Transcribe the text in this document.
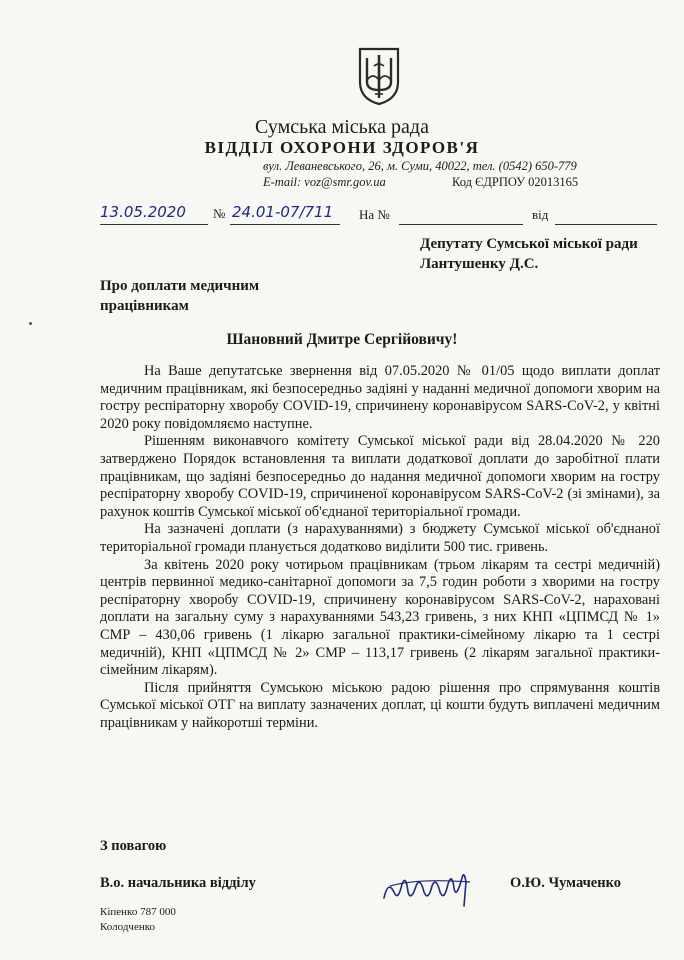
Сумська міська рада
ВІДДІЛ ОХОРОНИ ЗДОРОВ'Я
вул. Леваневського, 26, м. Суми, 40022, тел. (0542) 650-779
E-mail: voz@smr.gov.ua	Код ЄДРПОУ 02013165
13.05.2020 № 24.01-07/711 На №	від
Депутату Сумської міської ради
Лантушенку Д.С.
Про доплати медичним
працівникам
Шановний Дмитре Сергійовичу!

На Ваше депутатське звернення від 07.05.2020 № 01/05 щодо виплати доплат медичним працівникам, які безпосередньо задіяні у наданні медичної допомоги хворим на гостру респіраторну хворобу COVID-19, спричинену коронавірусом SARS-CoV-2, у квітні 2020 року повідомляємо наступне.

Рішенням виконавчого комітету Сумської міської ради від 28.04.2020 № 220 затверджено Порядок встановлення та виплати додаткової доплати до заробітної плати працівникам, що задіяні безпосередньо до надання медичної допомоги хворим на гостру респіраторну хворобу COVID-19, спричиненої коронавірусом SARS-CoV-2 (зі змінами), за рахунок коштів Сумської міської об'єднаної територіальної громади.

На зазначені доплати (з нарахуваннями) з бюджету Сумської міської об'єднаної територіальної громади планується додатково виділити 500 тис. гривень.

За квітень 2020 року чотирьом працівникам (трьом лікарям та сестрі медичній) центрів первинної медико-санітарної допомоги за 7,5 годин роботи з хворими на гостру респіраторну хворобу COVID-19, спричинену коронавірусом SARS-CoV-2, нараховані доплати на загальну суму з нарахуваннями 543,23 гривень, з них КНП «ЦПМСД № 1» СМР – 430,06 гривень (1 лікарю загальної практики-сімейному лікарю та 1 сестрі медичній), КНП «ЦПМСД № 2» СМР – 113,17 гривень (2 лікарям загальної практики-сімейним лікарям).

Після прийняття Сумською міською радою рішення про спрямування коштів Сумської міської ОТГ на виплату зазначених доплат, ці кошти будуть виплачені медичним працівникам у найкоротші терміни.

З повагою
В.о. начальника відділу	О.Ю. Чумаченко
Кіпенко 787 000
Колодченко
